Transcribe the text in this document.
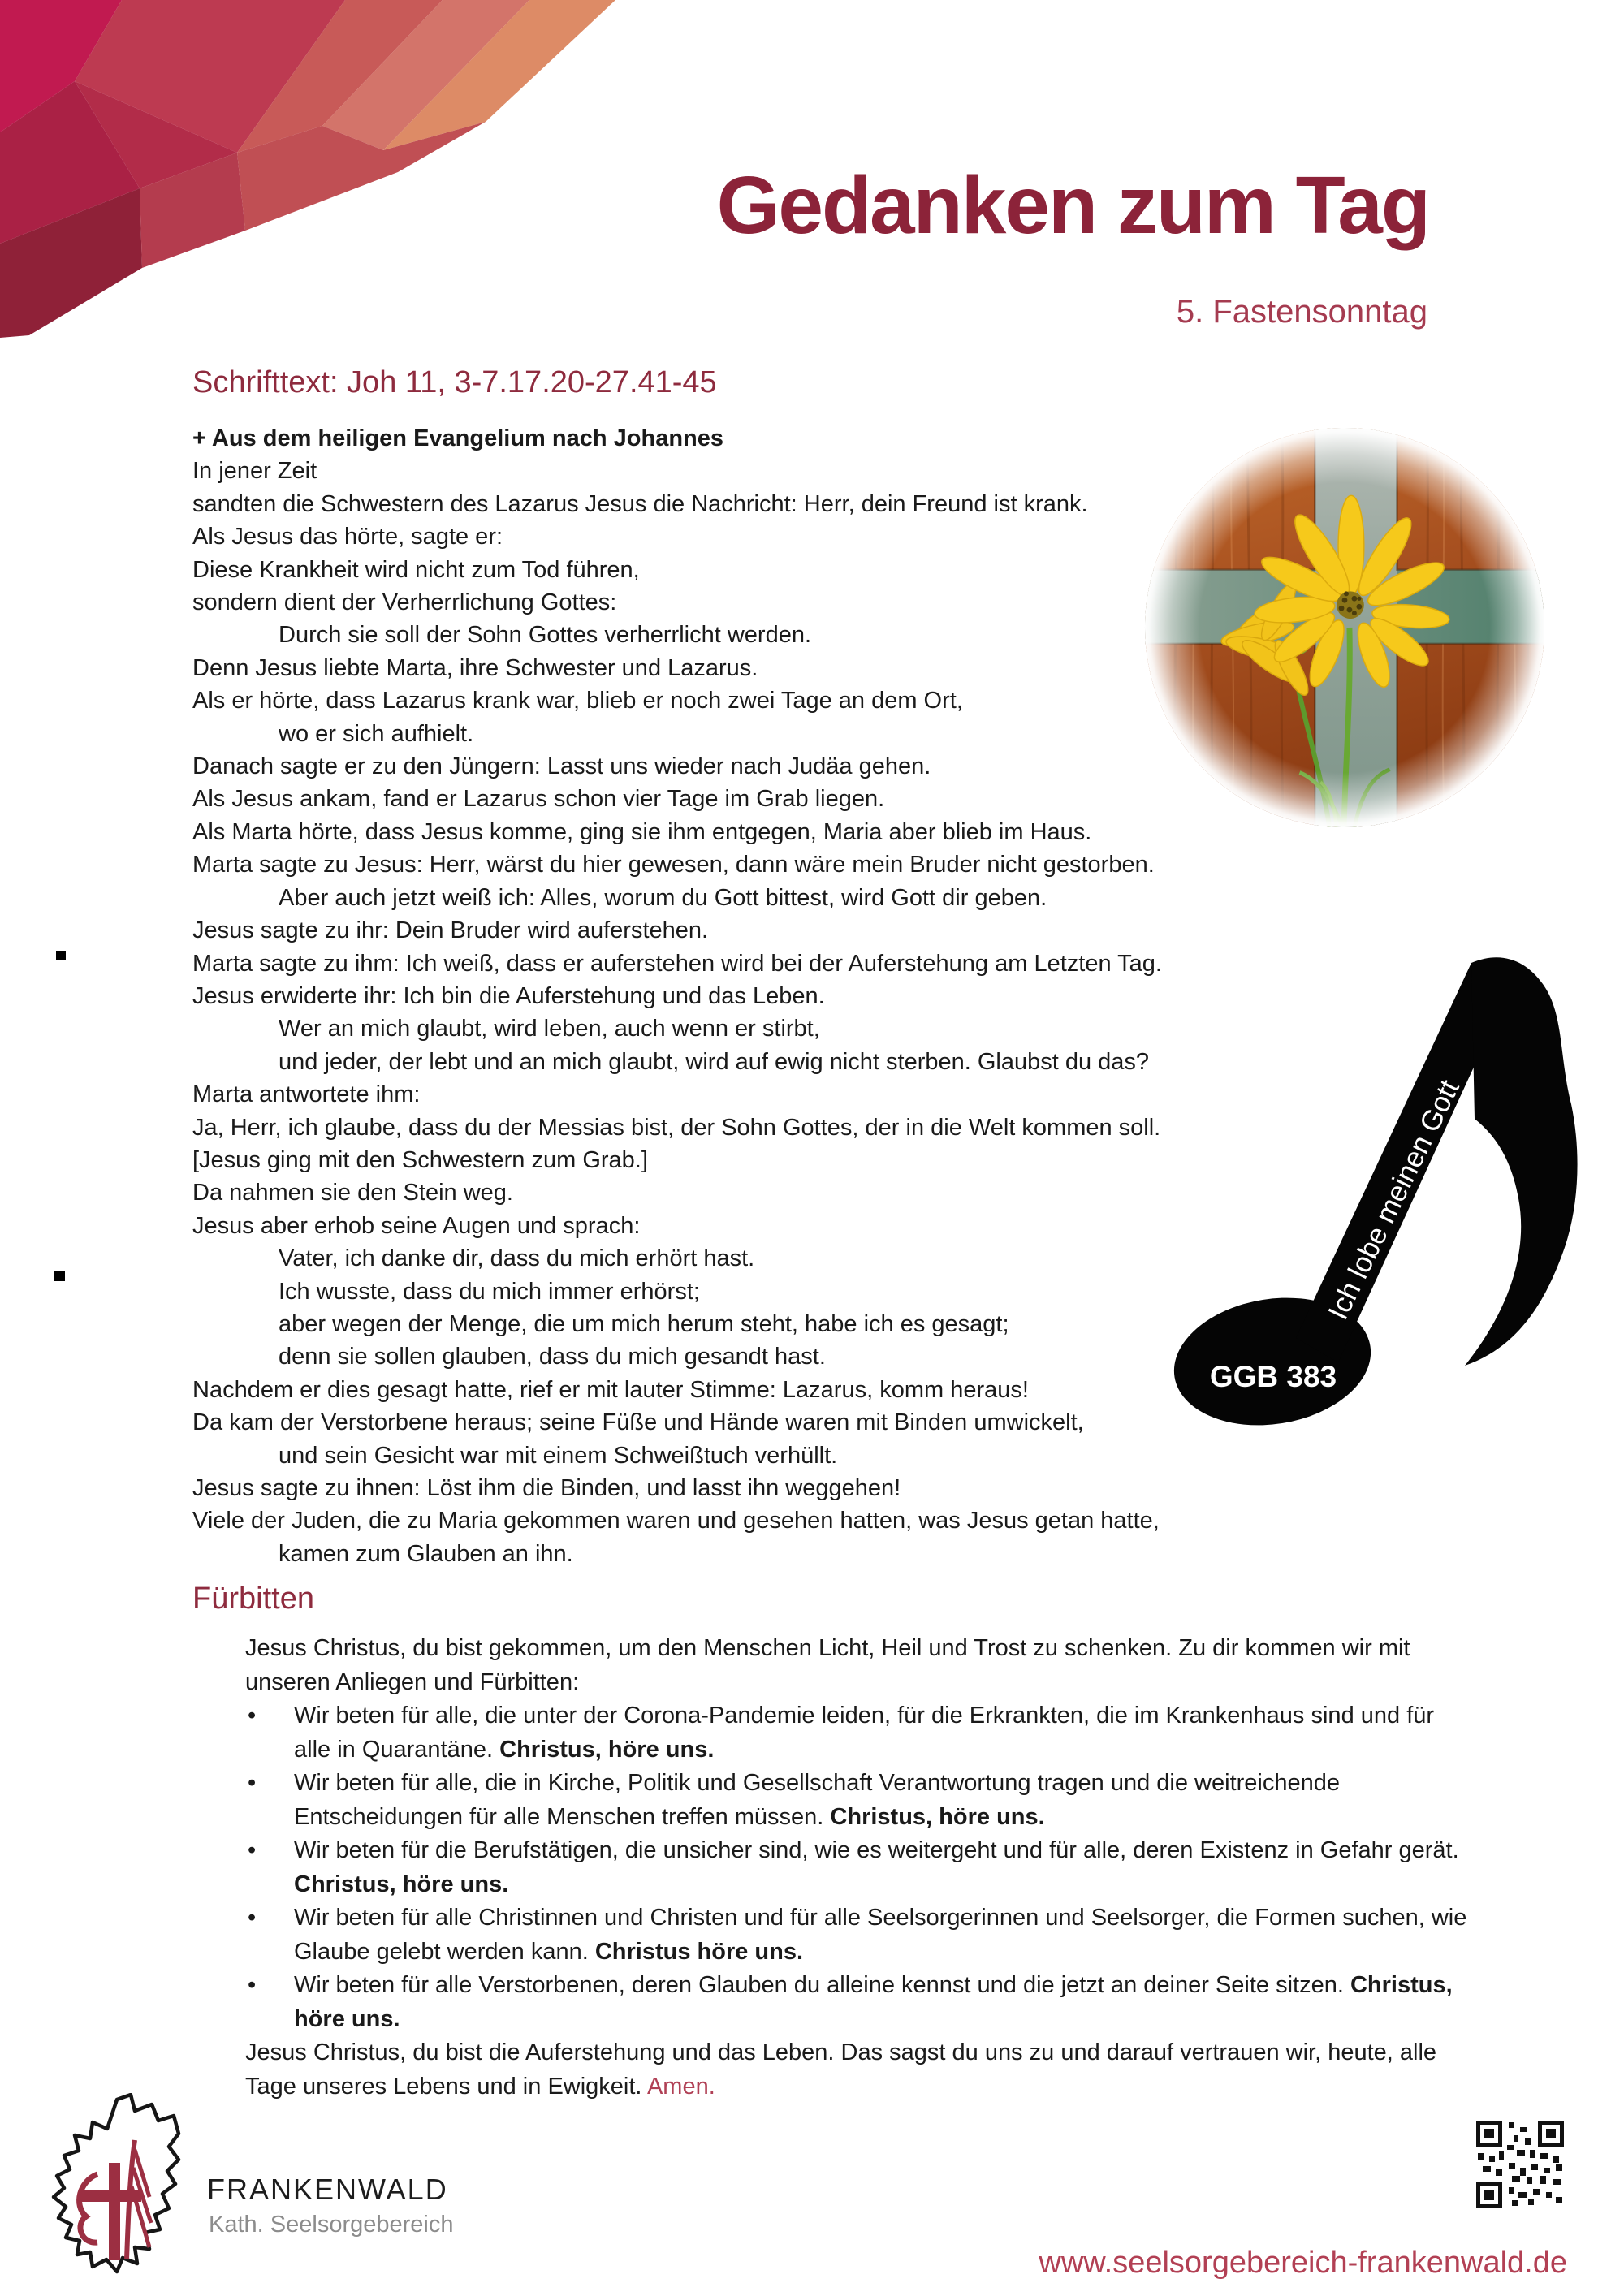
Gedanken zum Tag
5. Fastensonntag
Schrifttext: Joh 11, 3-7.17.20-27.41-45
+ Aus dem heiligen Evangelium nach Johannes
In jener Zeit
sandten die Schwestern des Lazarus Jesus die Nachricht: Herr, dein Freund ist krank.
Als Jesus das hörte, sagte er:
Diese Krankheit wird nicht zum Tod führen,
sondern dient der Verherrlichung Gottes:
Durch sie soll der Sohn Gottes verherrlicht werden.
Denn Jesus liebte Marta, ihre Schwester und Lazarus.
Als er hörte, dass Lazarus krank war, blieb er noch zwei Tage an dem Ort,
wo er sich aufhielt.
Danach sagte er zu den Jüngern: Lasst uns wieder nach Judäa gehen.
Als Jesus ankam, fand er Lazarus schon vier Tage im Grab liegen.
Als Marta hörte, dass Jesus komme, ging sie ihm entgegen, Maria aber blieb im Haus.
Marta sagte zu Jesus: Herr, wärst du hier gewesen, dann wäre mein Bruder nicht gestorben.
Aber auch jetzt weiß ich: Alles, worum du Gott bittest, wird Gott dir geben.
Jesus sagte zu ihr: Dein Bruder wird auferstehen.
Marta sagte zu ihm: Ich weiß, dass er auferstehen wird bei der Auferstehung am Letzten Tag.
Jesus erwiderte ihr: Ich bin die Auferstehung und das Leben.
Wer an mich glaubt, wird leben, auch wenn er stirbt,
und jeder, der lebt und an mich glaubt, wird auf ewig nicht sterben. Glaubst du das?
Marta antwortete ihm:
Ja, Herr, ich glaube, dass du der Messias bist, der Sohn Gottes, der in die Welt kommen soll.
[Jesus ging mit den Schwestern zum Grab.]
Da nahmen sie den Stein weg.
Jesus aber erhob seine Augen und sprach:
Vater, ich danke dir, dass du mich erhört hast.
Ich wusste, dass du mich immer erhörst;
aber wegen der Menge, die um mich herum steht, habe ich es gesagt;
denn sie sollen glauben, dass du mich gesandt hast.
Nachdem er dies gesagt hatte, rief er mit lauter Stimme: Lazarus, komm heraus!
Da kam der Verstorbene heraus; seine Füße und Hände waren mit Binden umwickelt,
und sein Gesicht war mit einem Schweißtuch verhüllt.
Jesus sagte zu ihnen: Löst ihm die Binden, und lasst ihn weggehen!
Viele der Juden, die zu Maria gekommen waren und gesehen hatten, was Jesus getan hatte,
kamen zum Glauben an ihn.
Ich lobe meinen Gott
GGB 383
Fürbitten

Jesus Christus, du bist gekommen, um den Menschen Licht, Heil und Trost zu schenken. Zu dir kommen wir mit unseren Anliegen und Fürbitten:

• Wir beten für alle, die unter der Corona-Pandemie leiden, für die Erkrankten, die im Krankenhaus sind und für alle in Quarantäne. Christus, höre uns.
• Wir beten für alle, die in Kirche, Politik und Gesellschaft Verantwortung tragen und die weitreichende Entscheidungen für alle Menschen treffen müssen. Christus, höre uns.
• Wir beten für die Berufstätigen, die unsicher sind, wie es weitergeht und für alle, deren Existenz in Gefahr gerät. Christus, höre uns.
• Wir beten für alle Christinnen und Christen und für alle Seelsorgerinnen und Seelsorger, die Formen suchen, wie Glaube gelebt werden kann. Christus höre uns.
• Wir beten für alle Verstorbenen, deren Glauben du alleine kennst und die jetzt an deiner Seite sitzen. Christus, höre uns.

Jesus Christus, du bist die Auferstehung und das Leben. Das sagst du uns zu und darauf vertrauen wir, heute, alle Tage unseres Lebens und in Ewigkeit. Amen.

FRANKENWALD
Kath. Seelsorgebereich
www.seelsorgebereich-frankenwald.de
